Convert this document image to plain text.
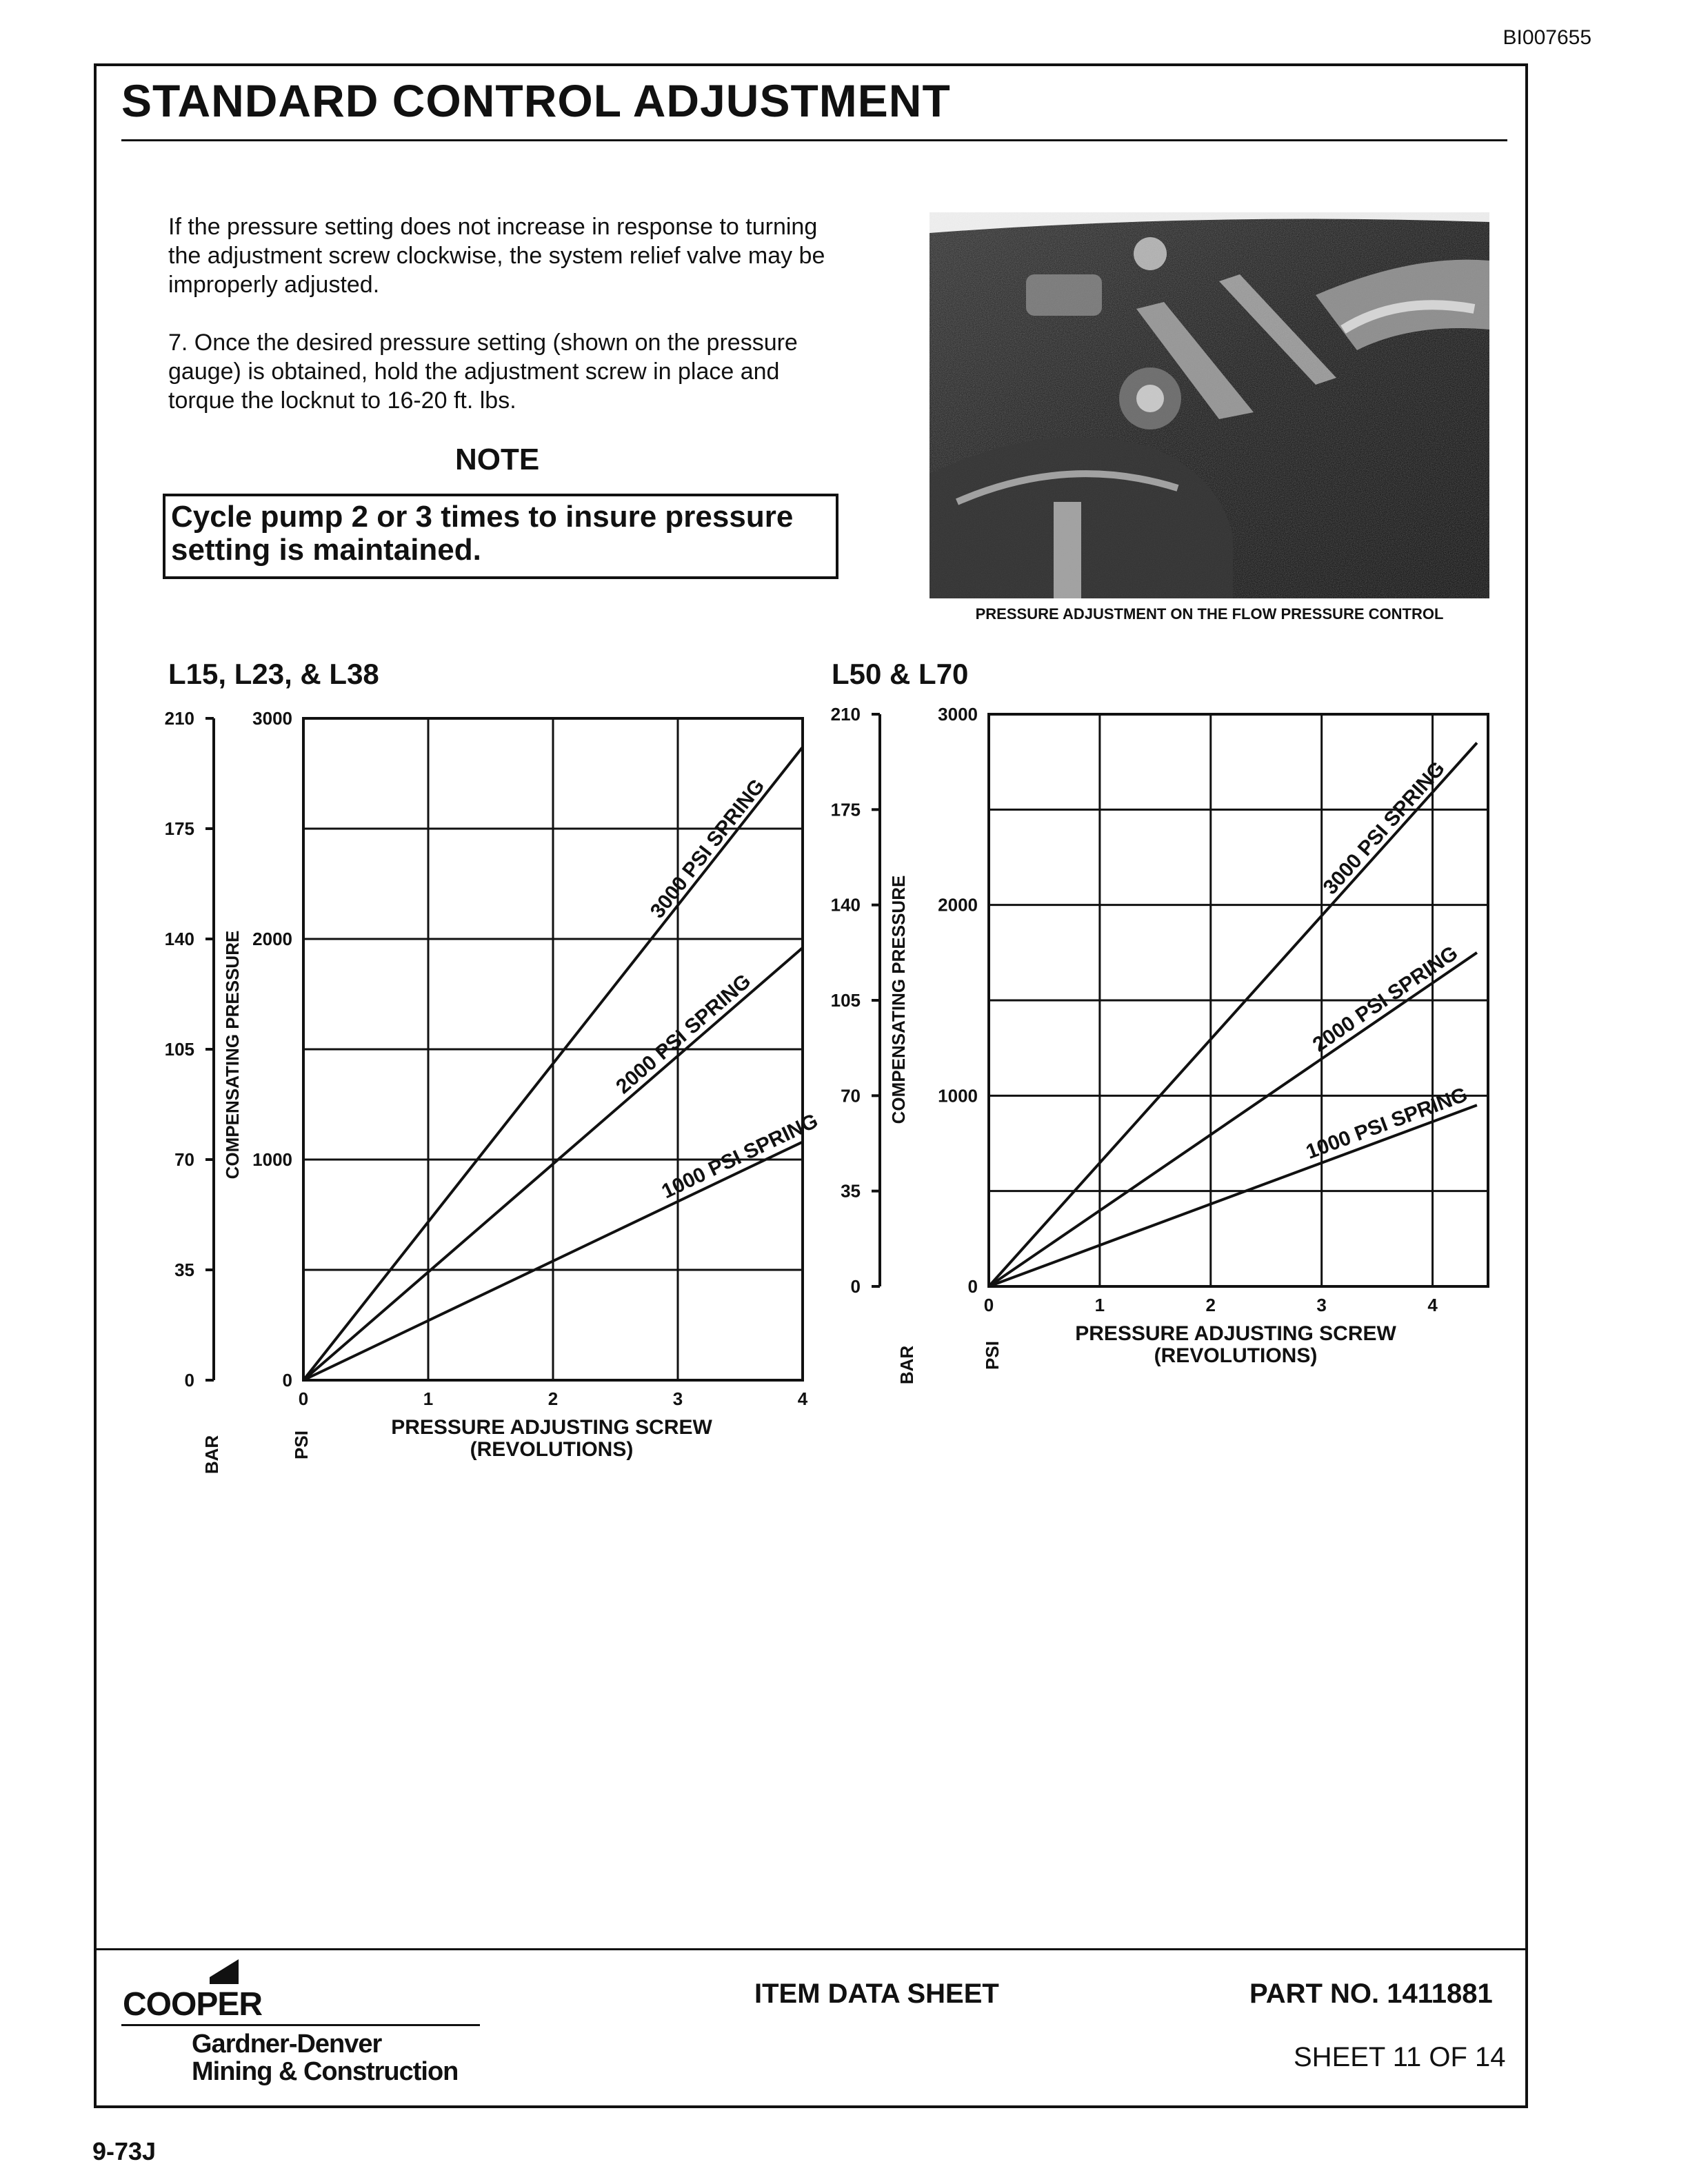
BI007655
STANDARD CONTROL ADJUSTMENT
If the pressure setting does not increase in response to turning the adjustment screw clockwise, the system relief valve may be improperly adjusted.
7. Once the desired pressure setting (shown on the pressure gauge) is obtained, hold the adjustment screw in place and torque the locknut to 16-20 ft. lbs.
NOTE
Cycle pump 2 or 3 times to insure pressure setting is maintained.
PRESSURE ADJUSTMENT ON THE FLOW PRESSURE CONTROL
L15, L23, & L38	L50 & L70
0	1	2	3	4
0
35
70
105
140
175
210
0
1000
2000
3000
COMPENSATING PRESSURE
BAR	PSI
PRESSURE ADJUSTING SCREW
(REVOLUTIONS)
3000 PSI SPRING
2000 PSI SPRING
1000 PSI SPRING
0	1	2	3	4
0
35
70
105
140
175
210
0
1000
2000
3000
COMPENSATING PRESSURE
BAR	PSI
PRESSURE ADJUSTING SCREW
(REVOLUTIONS)
3000 PSI SPRING
2000 PSI SPRING
1000 PSI SPRING
COOPER
Gardner-Denver
Mining & Construction
ITEM DATA SHEET	PART NO. 1411881
SHEET 11 OF 14
9-73J
